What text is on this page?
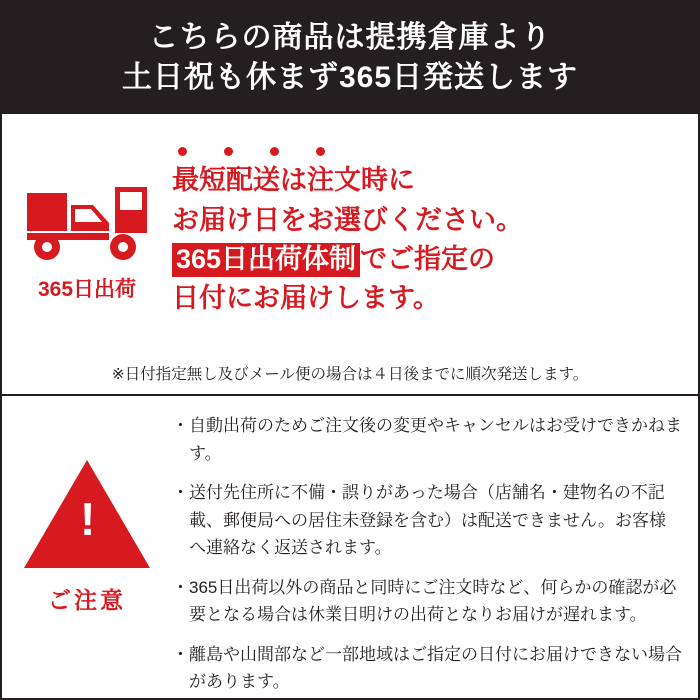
こちらの商品は提携倉庫より
土日祝も休まず365日発送します
365日出荷
最短配送は注文時に
お届け日をお選びください。
365日出荷体制 でご指定の
日付にお届けします。
※日付指定無し及びメール便の場合は４日後までに順次発送します。
!
ご注意
・ 自動出荷のためご注文後の変更やキャンセルはお受けできかねます。
・ 送付先住所に不備・誤りがあった場合（店舗名・建物名の不記載、郵便局への居住未登録を含む）は配送できません。お客様へ連絡なく返送されます。
・ 365日出荷以外の商品と同時にご注文時など、何らかの確認が必要となる場合は休業日明けの出荷となりお届けが遅れます。
・ 離島や山間部など一部地域はご指定の日付にお届けできない場合があります。
